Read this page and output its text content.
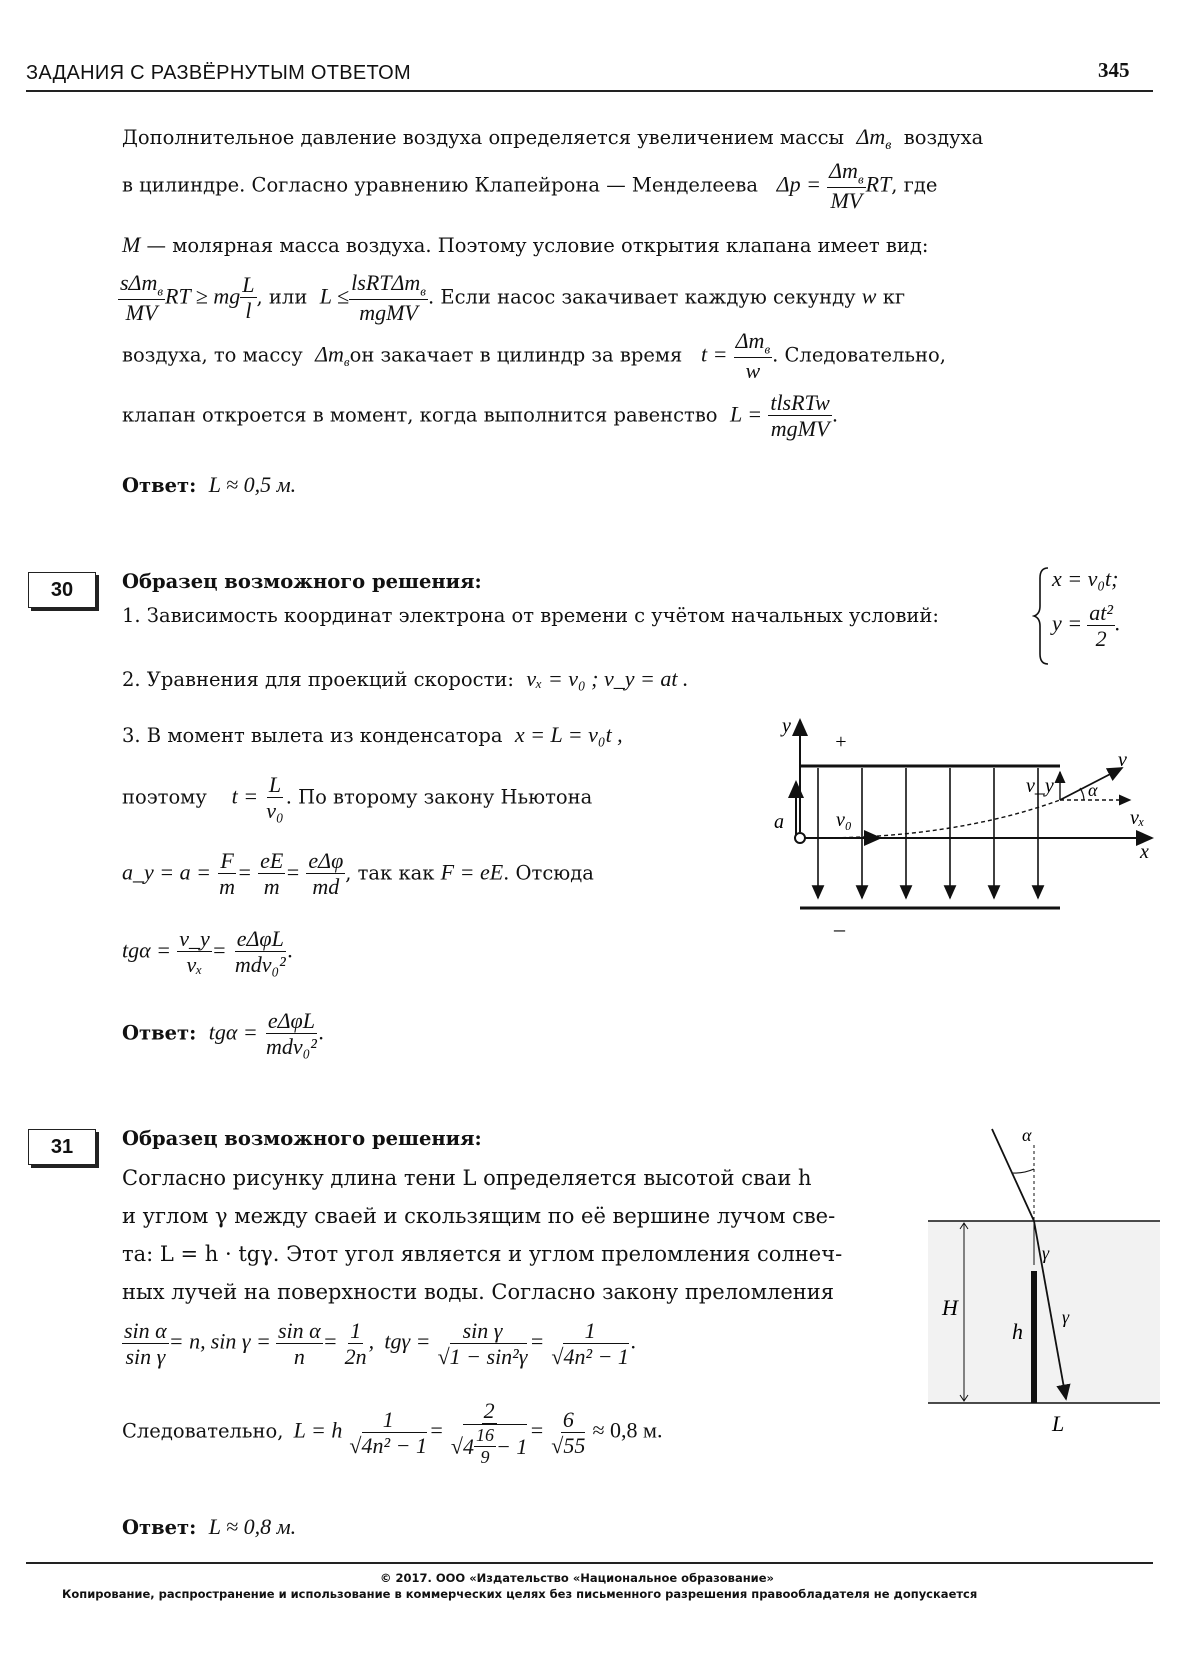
ЗАДАНИЯ С РАЗВЁРНУТЫМ ОТВЕТОМ	345
Дополнительное давление воздуха определяется увеличением массы $\Delta m_в$ воздуха
в цилиндре. Согласно уравнению Клапейрона — Менделеева $\Delta p = \frac{\Delta m_в}{MV}$ RT, где
M — молярная масса воздуха. Поэтому условие открытия клапана имеет вид:
$\frac{s\Delta m_в}{MV}$ RT ≥ mg $\frac{L}{l}$ , или $L \le \frac{lsRT\Delta m_в}{\text{mgMV}}$ . Если насос закачивает каждую секунду w кг
воздуха, то массу $\Delta m_вон$ закачает в цилиндр за время $t = \frac{\Delta m_в}{w}$ . Следовательно,
клапан откроется в момент, когда выполнится равенство $L = \frac{\text{tlsRTw}}{\text{mgMV}}$ .
Ответ: L ≈ 0,5 м.
30	Образец возможного решения:
1. Зависимость координат электрона от времени с учётом начальных условий:
x = v₀t;
$y = \frac{\text{at²}}{2}$ .
2. Уравнения для проекций скорости: vₓ = v₀ ; v_y = at .
3. В момент вылета из конденсатора x = L = v₀t ,
поэтому $t = \frac{L}{\text{v₀}}$ . По второму закону Ньютона
a_y = $a = \frac{F}{m} = \frac{eE}{m} = \frac{\text{eΔφ}}{md}$ , так как F = eE. Отсюда
$tg\alpha = \frac{v\_y}{\text{vₓ}} = \frac{\text{eΔφL}}{\text{mdv₀²}}$ .
Ответ: $tg\alpha = \frac{\text{eΔφL}}{\text{mdv₀²}}$ .
y
+
–
x
a	v₀
v_y
v
vₓ
α
31	Образец возможного решения:
Согласно рисунку длина тени L определяется высотой сваи h
и углом γ между сваей и скользящим по её вершине лучом све-
та: L = h · tgγ. Этот угол является и углом преломления солнеч-
ных лучей на поверхности воды. Согласно закону преломления
$\frac{\text{sin α}}{\text{sin γ}} = n$, $\sin \gamma = \frac{\text{sin α}}{n} = \frac{1}{2n}$ , $tg\gamma = \frac{\text{sin γ}}{\text{√1 − sin²γ}} = \frac{1}{\text{√4n² − 1}}$ .
Следовательно, L = h $\frac{1}{\text{√4n² − 1}} = \frac{2}{√ 4 \frac{16}{9} - 1} = \frac{6}{√55} \approx 0,8$ м.
Ответ: L ≈ 0,8 м.
α
γ
γ
H
h
L
© 2017. ООО «Издательство «Национальное образование»
Копирование, распространение и использование в коммерческих целях без письменного разрешения правообладателя не допускается
